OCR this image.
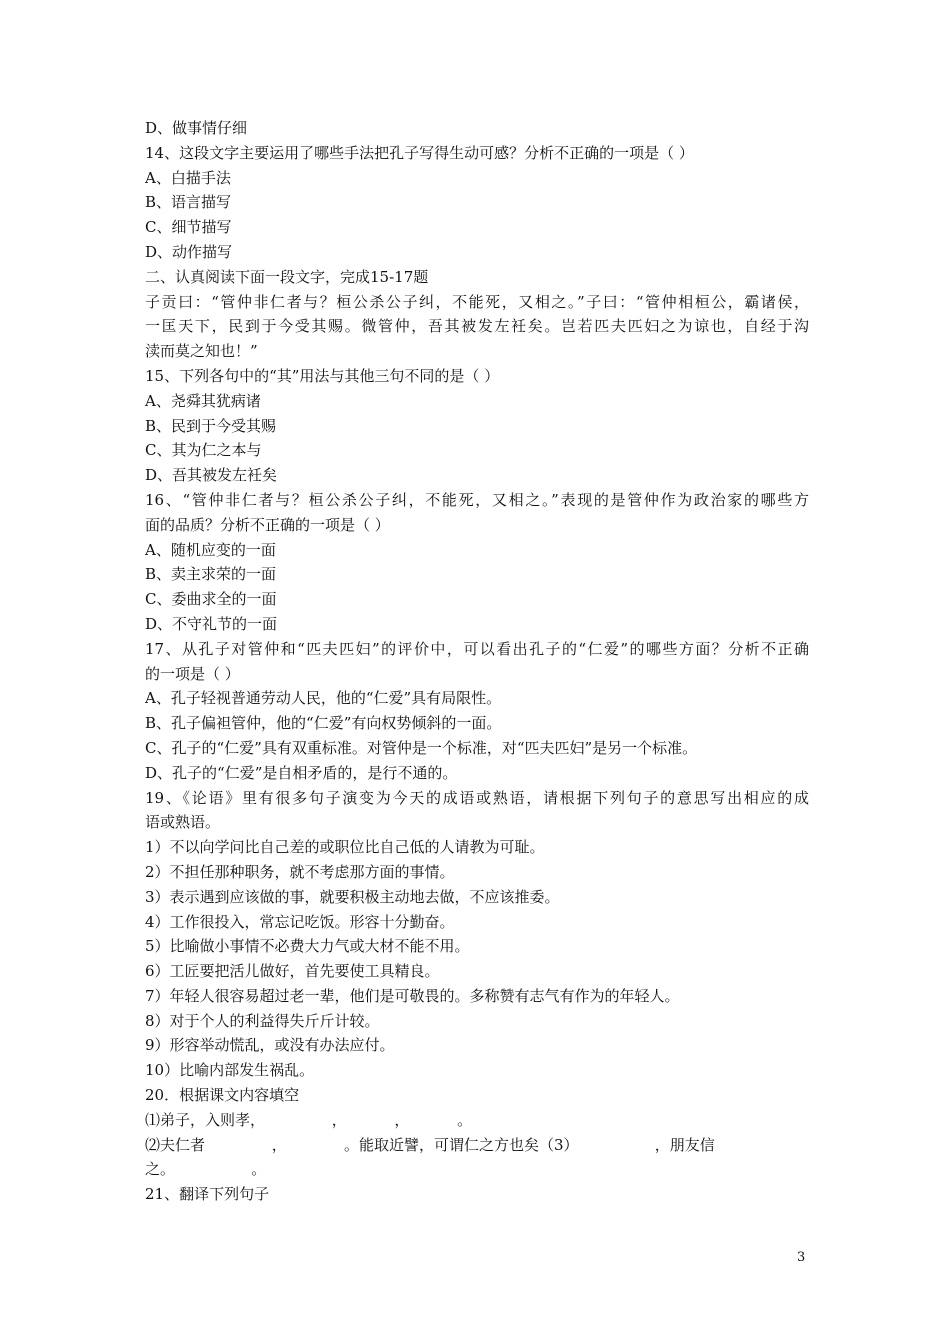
D、做事情仔细
14、这段文字主要运用了哪些手法把孔子写得生动可感？分析不正确的一项是（ ）
A、白描手法
B、语言描写
C、细节描写
D、动作描写
二、认真阅读下面一段文字，完成15-17题
子贡曰：“管仲非仁者与？桓公杀公子纠，不能死，又相之。”子曰：“管仲相桓公，霸诸侯，
一匡天下，民到于今受其赐。微管仲，吾其被发左衽矣。岂若匹夫匹妇之为谅也，自经于沟
渎而莫之知也！”
15、下列各句中的“其”用法与其他三句不同的是（ ）
A、尧舜其犹病诸
B、民到于今受其赐
C、其为仁之本与
D、吾其被发左衽矣
16、“管仲非仁者与？桓公杀公子纠，不能死，又相之。”表现的是管仲作为政治家的哪些方
面的品质？分析不正确的一项是（ ）
A、随机应变的一面
B、卖主求荣的一面
C、委曲求全的一面
D、不守礼节的一面
17、从孔子对管仲和“匹夫匹妇”的评价中，可以看出孔子的“仁爱”的哪些方面？分析不正确
的一项是（ ）
A、孔子轻视普通劳动人民，他的“仁爱”具有局限性。
B、孔子偏袒管仲，他的“仁爱”有向权势倾斜的一面。
C、孔子的“仁爱”具有双重标准。对管仲是一个标准，对“匹夫匹妇”是另一个标准。
D、孔子的“仁爱”是自相矛盾的，是行不通的。
19、《论语》里有很多句子演变为今天的成语或熟语，请根据下列句子的意思写出相应的成
语或熟语。
1）不以向学问比自己差的或职位比自己低的人请教为可耻。
2）不担任那种职务，就不考虑那方面的事情。
3）表示遇到应该做的事，就要积极主动地去做，不应该推委。
4）工作很投入，常忘记吃饭。形容十分勤奋。
5）比喻做小事情不必费大力气或大材不能不用。
6）工匠要把活儿做好，首先要使工具精良。
7）年轻人很容易超过老一辈，他们是可敬畏的。多称赞有志气有作为的年轻人。
8）对于个人的利益得失斤斤计较。
9）形容举动慌乱，或没有办法应付。
10）比喻内部发生祸乱。
20．根据课文内容填空
⑴弟子，入则孝，              ，          ，          。
⑵夫仁者              ，            。能取近譬，可谓仁之方也矣（3）                ，朋友信
之。                。
21、翻译下列句子
3
